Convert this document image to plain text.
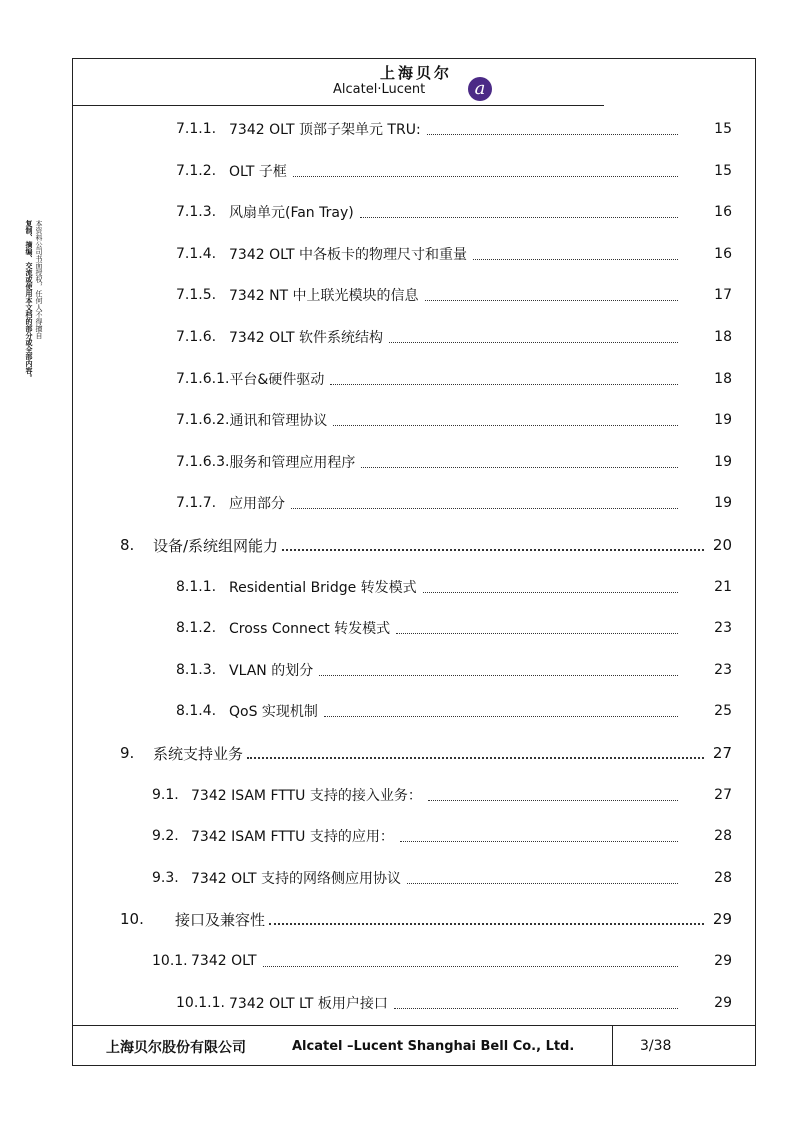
上海贝尔
Alcatel·Lucent	a
本资料公司书面授权，任何人不得擅自
复制、摘编、交流或使用本文档的部分或全部内容。
7.1.1. 7342 OLT 顶部子架单元 TRU:	15
7.1.2. OLT 子框	15
7.1.3. 风扇单元(Fan Tray)	16
7.1.4. 7342 OLT 中各板卡的物理尺寸和重量	16
7.1.5. 7342 NT 中上联光模块的信息	17
7.1.6. 7342 OLT 软件系统结构	18
7.1.6.1. 平台&硬件驱动	18
7.1.6.2. 通讯和管理协议	19
7.1.6.3. 服务和管理应用程序	19
7.1.7. 应用部分	19
8.	设备/系统组网能力	20
8.1.1. Residential Bridge 转发模式	21
8.1.2. Cross Connect 转发模式	23
8.1.3. VLAN 的划分	23
8.1.4. QoS 实现机制	25
9.	系统支持业务	27
9.1. 7342 ISAM FTTU 支持的接入业务：	27
9.2. 7342 ISAM FTTU 支持的应用：	28
9.3. 7342 OLT 支持的网络侧应用协议	28
10.	接口及兼容性	29
10.1. 7342 OLT	29
10.1.1. 7342 OLT LT 板用户接口	29
上海贝尔股份有限公司	Alcatel –Lucent Shanghai Bell Co., Ltd.	3/38
